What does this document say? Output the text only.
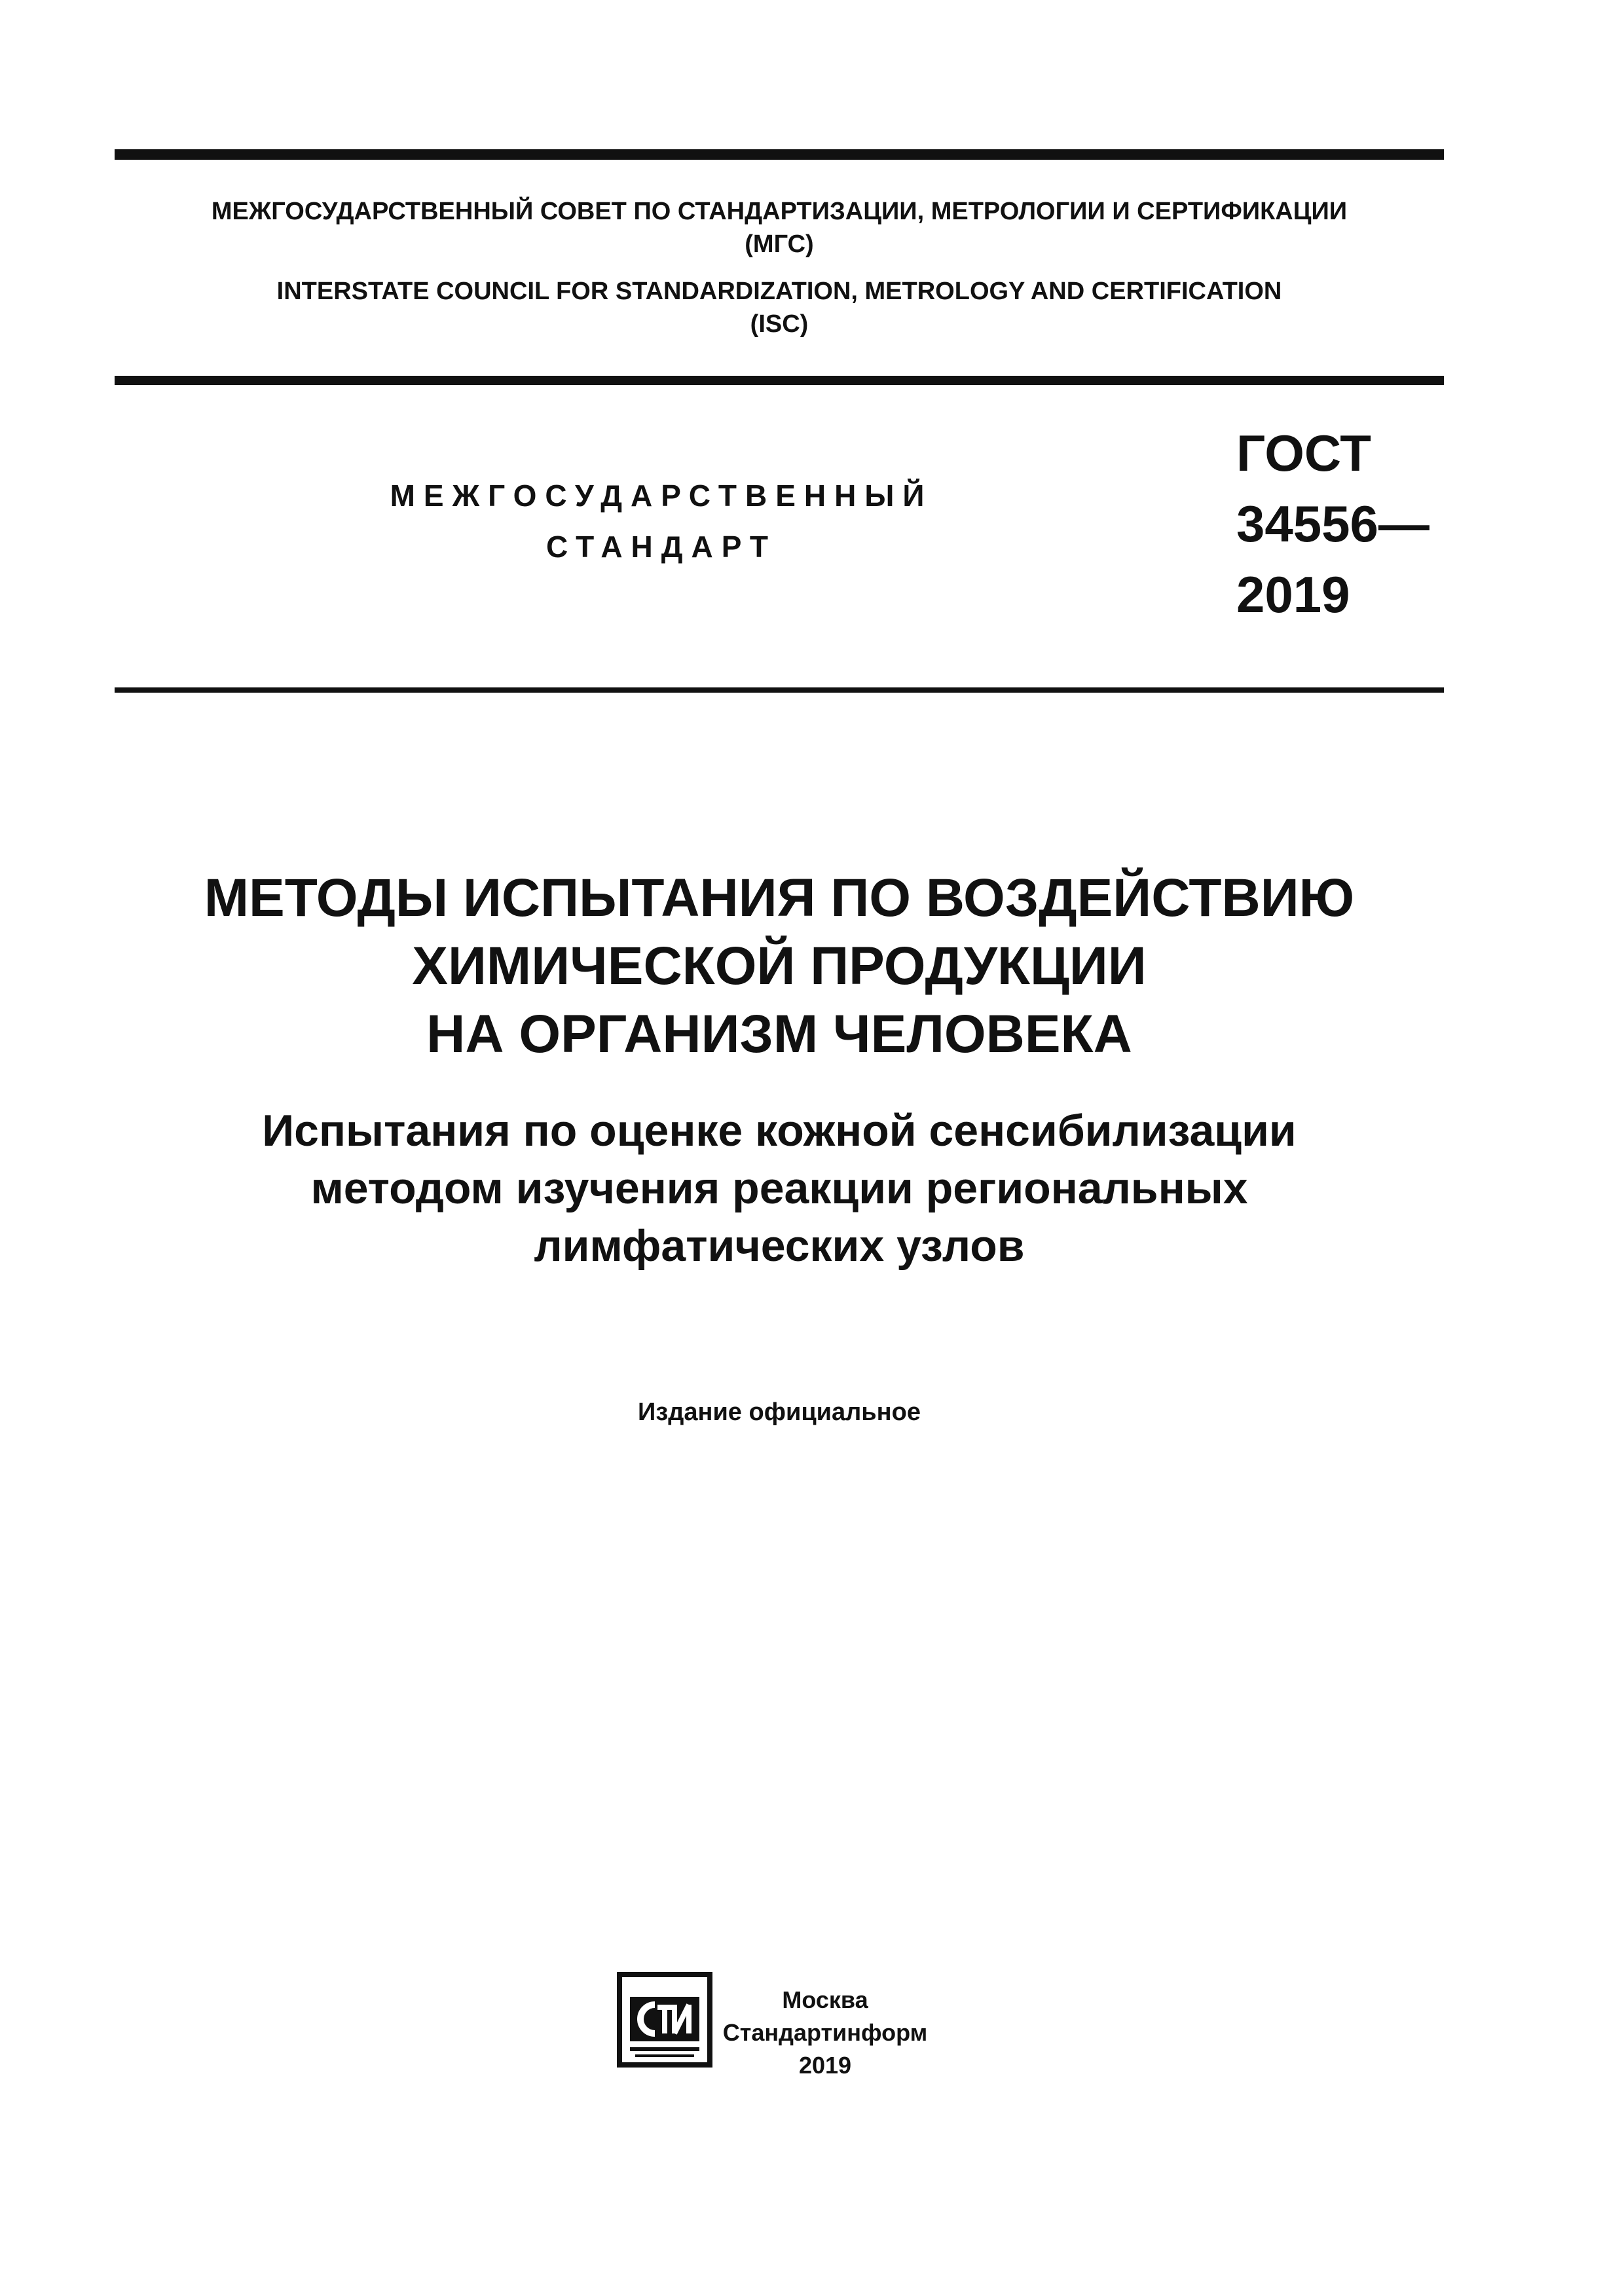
МЕЖГОСУДАРСТВЕННЫЙ СОВЕТ ПО СТАНДАРТИЗАЦИИ, МЕТРОЛОГИИ И СЕРТИФИКАЦИИ
(МГС)
INTERSTATE COUNCIL FOR STANDARDIZATION, METROLOGY AND CERTIFICATION
(ISC)
МЕЖГОСУДАРСТВЕННЫЙ
СТАНДАРТ
ГОСТ
34556—
2019
МЕТОДЫ ИСПЫТАНИЯ ПО ВОЗДЕЙСТВИЮ
ХИМИЧЕСКОЙ ПРОДУКЦИИ
НА ОРГАНИЗМ ЧЕЛОВЕКА
Испытания по оценке кожной сенсибилизации
методом изучения реакции региональных
лимфатических узлов
Издание официальное
Москва
Стандартинформ
2019
